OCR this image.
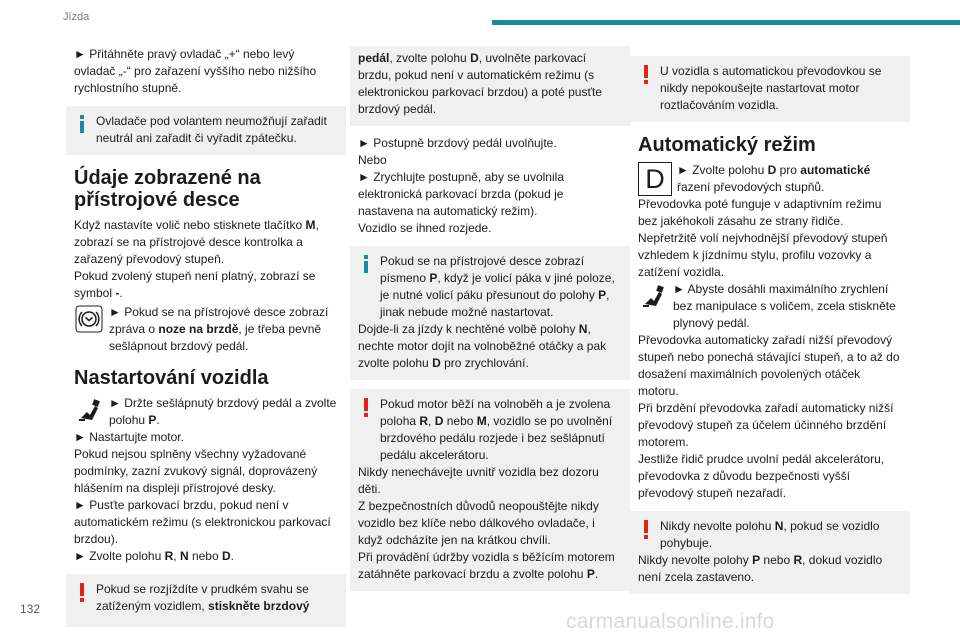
Jízda

► Přitáhněte pravý ovladač „+“ nebo levý ovladač „-“ pro zařazení vyššího nebo nižšího rychlostního stupně.

Ovladače pod volantem neumožňují zařadit neutrál ani zařadit či vyřadit zpátečku.
Údaje zobrazené na přístrojové desce

Když nastavíte volič nebo stisknete tlačítko M, zobrazí se na přístrojové desce kontrolka a zařazený převodový stupeň.

Pokud zvolený stupeň není platný, zobrazí se symbol -.

► Pokud se na přístrojové desce zobrazí zpráva o noze na brzdě, je třeba pevně sešlápnout brzdový pedál.

Nastartování vozidla

► Držte sešlápnutý brzdový pedál a zvolte polohu P.

► Nastartujte motor.

Pokud nejsou splněny všechny vyžadované podmínky, zazní zvukový signál, doprovázený hlášením na displeji přístrojové desky.

► Pusťte parkovací brzdu, pokud není v automatickém režimu (s elektronickou parkovací brzdou).

► Zvolte polohu R, N nebo D.

Pokud se rozjíždíte v prudkém svahu se zatíženým vozidlem, stiskněte brzdový
pedál, zvolte polohu D, uvolněte parkovací brzdu, pokud není v automatickém režimu (s elektronickou parkovací brzdou) a poté pusťte brzdový pedál.

► Postupně brzdový pedál uvolňujte.

Nebo

► Zrychlujte postupně, aby se uvolnila elektronická parkovací brzda (pokud je nastavena na automatický režim).

Vozidlo se ihned rozjede.

Pokud se na přístrojové desce zobrazí písmeno P, když je volicí páka v jiné poloze, je nutné volicí páku přesunout do polohy P, jinak nebude možné nastartovat.
Dojde-li za jízdy k nechtěné volbě polohy N, nechte motor dojít na volnoběžné otáčky a pak zvolte polohu D pro zrychlování.
Pokud motor běží na volnoběh a je zvolena poloha R, D nebo M, vozidlo se po uvolnění brzdového pedálu rozjede i bez sešlápnutí pedálu akcelerátoru.
Nikdy nenechávejte uvnitř vozidla bez dozoru děti.
Z bezpečnostních důvodů neopouštějte nikdy vozidlo bez klíče nebo dálkového ovladače, i když odcházíte jen na krátkou chvíli.
Při provádění údržby vozidla s běžícím motorem zatáhněte parkovací brzdu a zvolte polohu P.
U vozidla s automatickou převodovkou se nikdy nepokoušejte nastartovat motor roztlačováním vozidla.
Automatický režim
D	► Zvolte polohu D pro automatické řazení převodových stupňů.

Převodovka poté funguje v adaptivním režimu bez jakéhokoli zásahu ze strany řidiče.

Nepřetržitě volí nejvhodnější převodový stupeň vzhledem k jízdnímu stylu, profilu vozovky a zatížení vozidla.

► Abyste dosáhli maximálního zrychlení bez manipulace s voličem, zcela stiskněte plynový pedál.

Převodovka automaticky zařadí nižší převodový stupeň nebo ponechá stávající stupeň, a to až do dosažení maximálních povolených otáček motoru.

Při brzdění převodovka zařadí automaticky nižší převodový stupeň za účelem účinného brzdění motorem.

Jestliže řidič prudce uvolní pedál akcelerátoru, převodovka z důvodu bezpečnosti vyšší převodový stupeň nezařadí.

Nikdy nevolte polohu N, pokud se vozidlo pohybuje.
Nikdy nevolte polohy P nebo R, dokud vozidlo není zcela zastaveno.
132
carmanualsonline.info
